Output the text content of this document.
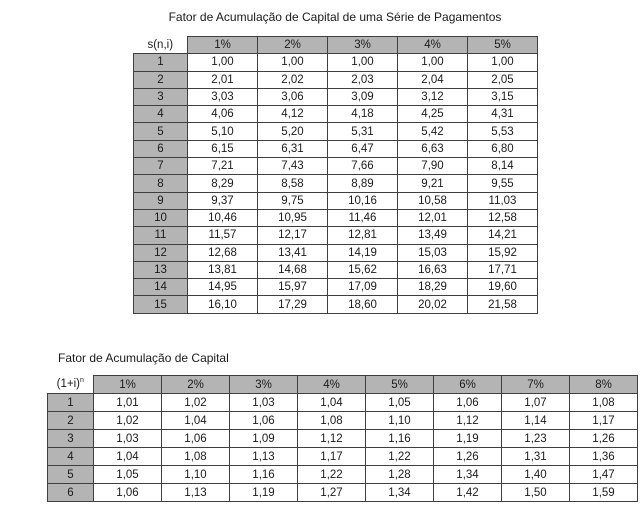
Fator de Acumulação de Capital de uma Série de Pagamentos
s(n,i)	1%	2%	3%	4%	5%
1	1,00	1,00	1,00	1,00	1,00
2	2,01	2,02	2,03	2,04	2,05
3	3,03	3,06	3,09	3,12	3,15
4	4,06	4,12	4,18	4,25	4,31
5	5,10	5,20	5,31	5,42	5,53
6	6,15	6,31	6,47	6,63	6,80
7	7,21	7,43	7,66	7,90	8,14
8	8,29	8,58	8,89	9,21	9,55
9	9,37	9,75	10,16	10,58	11,03
10	10,46	10,95	11,46	12,01	12,58
11	11,57	12,17	12,81	13,49	14,21
12	12,68	13,41	14,19	15,03	15,92
13	13,81	14,68	15,62	16,63	17,71
14	14,95	15,97	17,09	18,29	19,60
15	16,10	17,29	18,60	20,02	21,58
Fator de Acumulação de Capital
$(1+i)^n$	1%	2%	3%	4%	5%	6%	7%	8%
1	1,01	1,02	1,03	1,04	1,05	1,06	1,07	1,08
2	1,02	1,04	1,06	1,08	1,10	1,12	1,14	1,17
3	1,03	1,06	1,09	1,12	1,16	1,19	1,23	1,26
4	1,04	1,08	1,13	1,17	1,22	1,26	1,31	1,36
5	1,05	1,10	1,16	1,22	1,28	1,34	1,40	1,47
6	1,06	1,13	1,19	1,27	1,34	1,42	1,50	1,59
